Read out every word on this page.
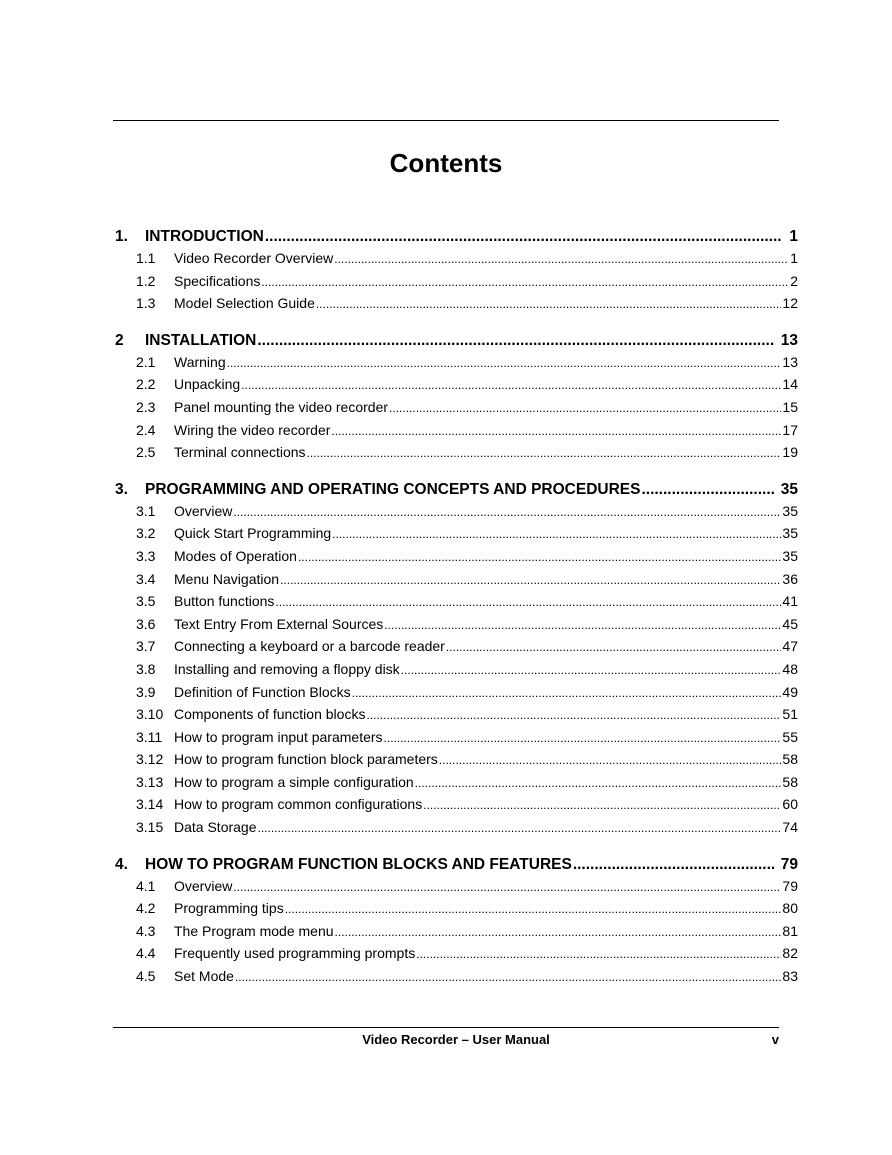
Contents
1.	INTRODUCTION .....	1
1.1	Video Recorder Overview .....	1
1.2	Specifications .....	2
1.3	Model Selection Guide .....	12
2	INSTALLATION .....	13
2.1	Warning .....	13
2.2	Unpacking .....	14
2.3	Panel mounting the video recorder .....	15
2.4	Wiring the video recorder .....	17
2.5	Terminal connections .....	19
3.	PROGRAMMING AND OPERATING CONCEPTS AND PROCEDURES .....	35
3.1	Overview .....	35
3.2	Quick Start Programming .....	35
3.3	Modes of Operation .....	35
3.4	Menu Navigation .....	36
3.5	Button functions .....	41
3.6	Text Entry From External Sources .....	45
3.7	Connecting a keyboard or a barcode reader .....	47
3.8	Installing and removing a floppy disk .....	48
3.9	Definition of Function Blocks .....	49
3.10 Components of function blocks .....	51
3.11 How to program input parameters .....	55
3.12 How to program function block parameters .....	58
3.13 How to program a simple configuration .....	58
3.14 How to program common configurations .....	60
3.15 Data Storage .....	74
4.	HOW TO PROGRAM FUNCTION BLOCKS AND FEATURES .....	79
4.1	Overview .....	79
4.2	Programming tips .....	80
4.3	The Program mode menu .....	81
4.4	Frequently used programming prompts .....	82
4.5	Set Mode .....	83
Video Recorder – User Manual	v
